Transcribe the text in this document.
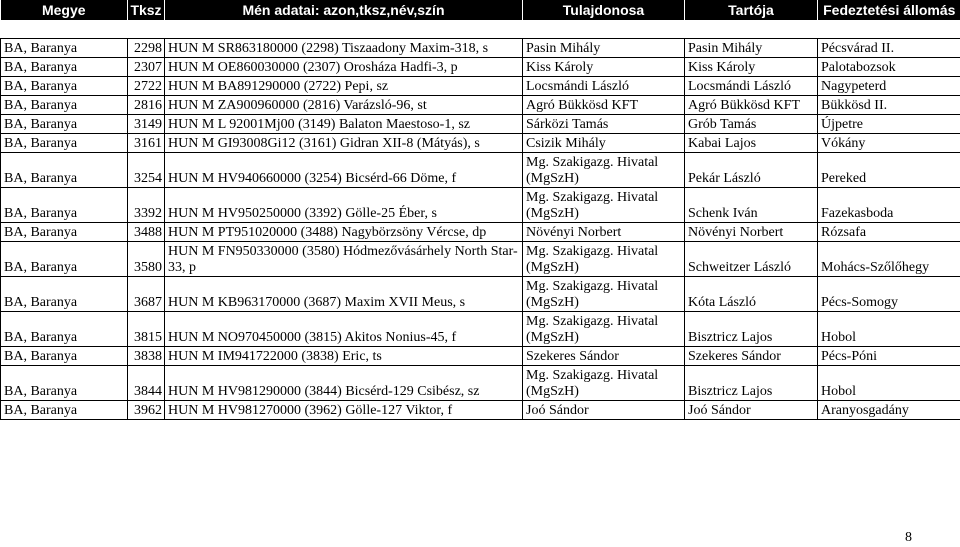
Megye	Tksz	Mén adatai: azon,tksz,név,szín	Tulajdonosa	Tartója	Fedeztetési állomás

BA, Baranya	2298	HUN M SR863180000 (2298) Tiszaadony Maxim-318, s	Pasin Mihály	Pasin Mihály	Pécsvárad II.
BA, Baranya	2307	HUN M OE860030000 (2307) Orosháza Hadfi-3, p	Kiss Károly	Kiss Károly	Palotabozsok
BA, Baranya	2722	HUN M BA891290000 (2722) Pepi, sz	Locsmándi László	Locsmándi László	Nagypeterd
BA, Baranya	2816	HUN M ZA900960000 (2816) Varázsló-96, st	Agró Bükkösd KFT	Agró Bükkösd KFT	Bükkösd II.
BA, Baranya	3149	HUN M L 92001Mj00 (3149) Balaton Maestoso-1, sz	Sárközi Tamás	Grób Tamás	Újpetre
BA, Baranya	3161	HUN M GI93008Gi12 (3161) Gidran XII-8 (Mátyás), s	Csizik Mihály	Kabai Lajos	Vókány
BA, Baranya	3254	HUN M HV940660000 (3254) Bicsérd-66 Döme, f	Mg. Szakigazg. Hivatal (MgSzH)	Pekár László	Pereked
BA, Baranya	3392	HUN M HV950250000 (3392) Gölle-25 Éber, s	Mg. Szakigazg. Hivatal (MgSzH)	Schenk Iván	Fazekasboda
BA, Baranya	3488	HUN M PT951020000 (3488) Nagybörzsöny Vércse, dp	Növényi Norbert	Növényi Norbert	Rózsafa
BA, Baranya	3580	HUN M FN950330000 (3580) Hódmezővásárhely North Star-33, p	Mg. Szakigazg. Hivatal (MgSzH)	Schweitzer László	Mohács-Szőlőhegy
BA, Baranya	3687	HUN M KB963170000 (3687) Maxim XVII Meus, s	Mg. Szakigazg. Hivatal (MgSzH)	Kóta László	Pécs-Somogy
BA, Baranya	3815	HUN M NO970450000 (3815) Akitos Nonius-45, f	Mg. Szakigazg. Hivatal (MgSzH)	Bisztricz Lajos	Hobol
BA, Baranya	3838	HUN M IM941722000 (3838) Eric, ts	Szekeres Sándor	Szekeres Sándor	Pécs-Póni
BA, Baranya	3844	HUN M HV981290000 (3844) Bicsérd-129 Csibész, sz	Mg. Szakigazg. Hivatal (MgSzH)	Bisztricz Lajos	Hobol
BA, Baranya	3962	HUN M HV981270000 (3962) Gölle-127 Viktor, f	Joó Sándor	Joó Sándor	Aranyosgadány
8
